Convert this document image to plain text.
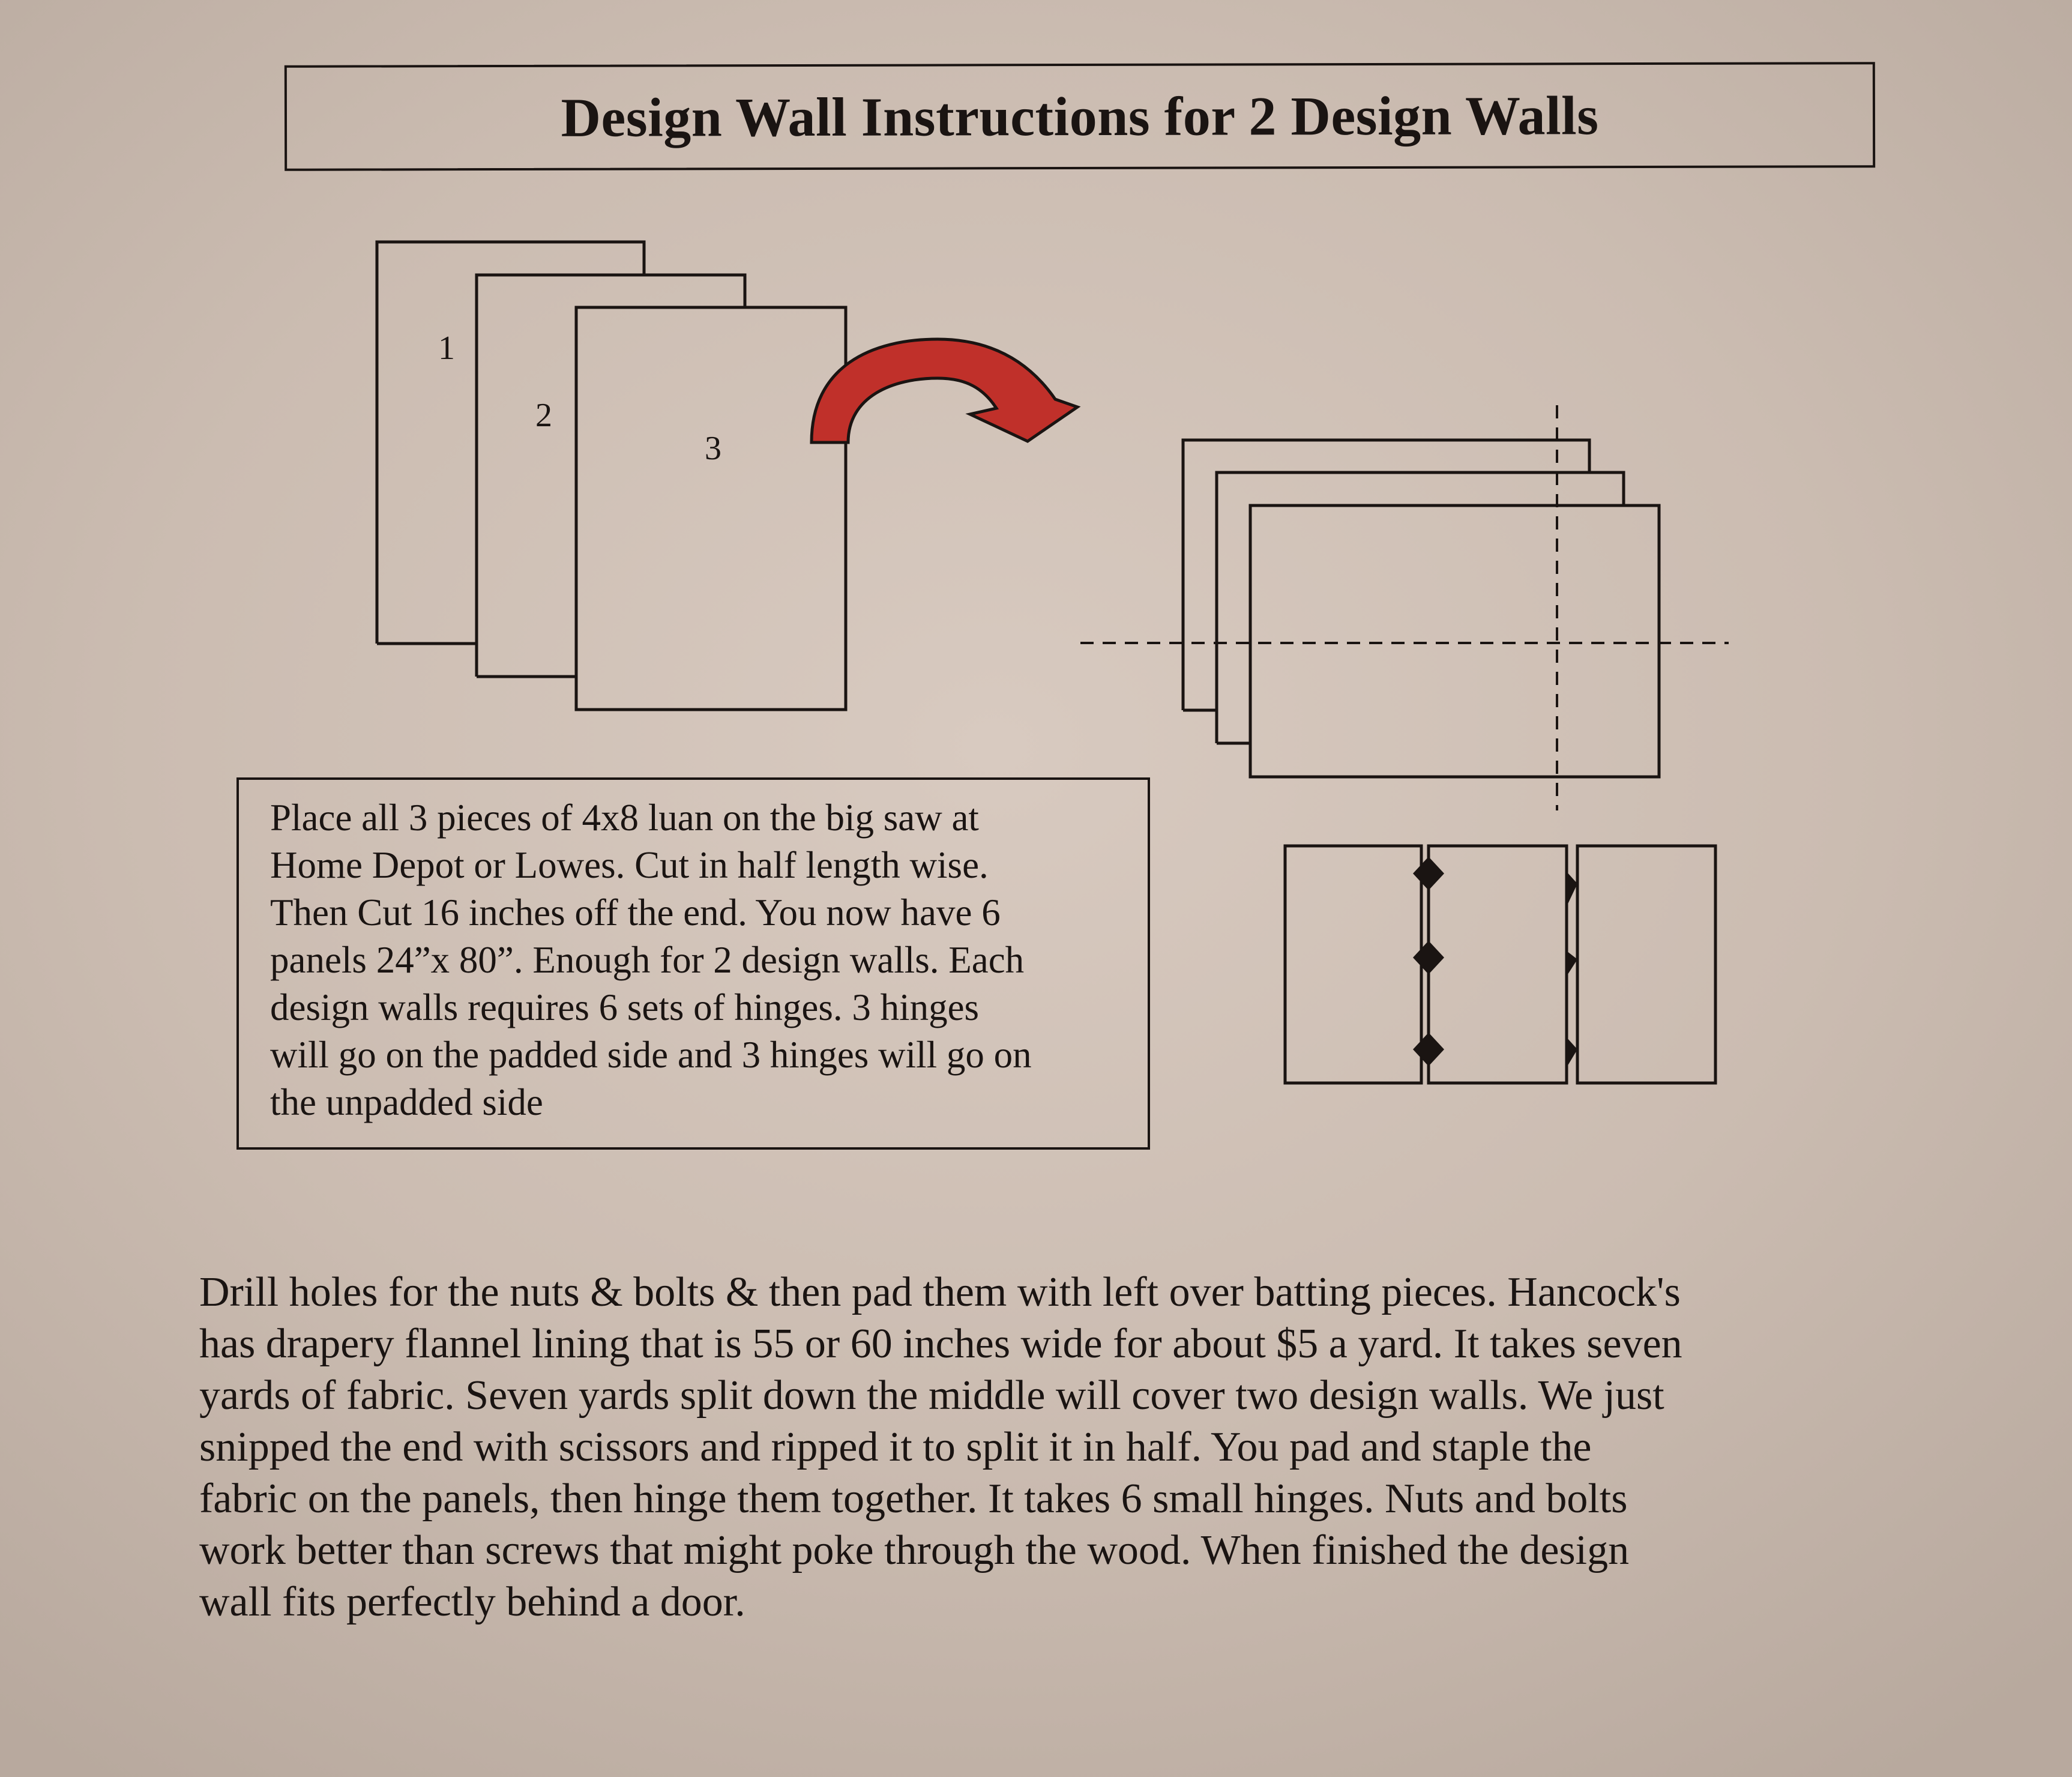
Design Wall Instructions for 2 Design Walls
1
2
3
Place all 3 pieces of 4x8 luan on the big saw at
Home Depot or Lowes. Cut in half length wise.
Then Cut 16 inches off the end. You now have 6
panels 24”x 80”. Enough for 2 design walls. Each
design walls requires 6 sets of hinges. 3 hinges
will go on the padded side and 3 hinges will go on
the unpadded side
Drill holes for the nuts & bolts & then pad them with left over batting pieces. Hancock's
has drapery flannel lining that is 55 or 60 inches wide for about $5 a yard. It takes seven
yards of fabric. Seven yards split down the middle will cover two design walls. We just
snipped the end with scissors and ripped it to split it in half. You pad and staple the
fabric on the panels, then hinge them together. It takes 6 small hinges. Nuts and bolts
work better than screws that might poke through the wood. When finished the design
wall fits perfectly behind a door.
